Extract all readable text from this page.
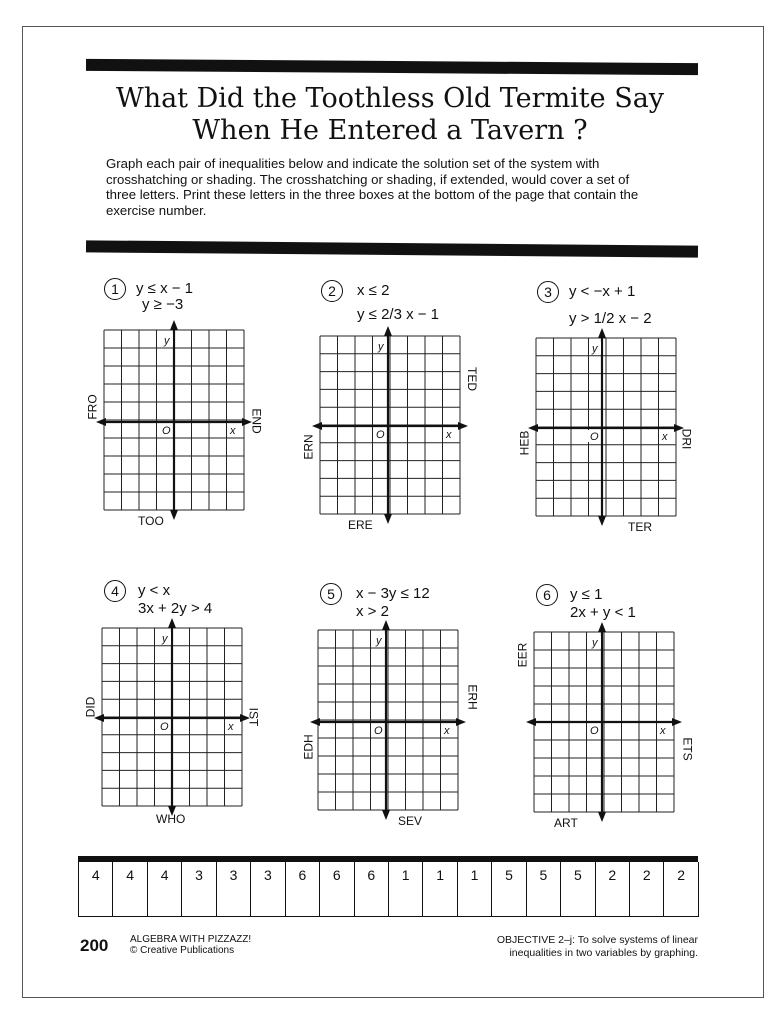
What Did the Toothless Old Termite Say
When He Entered a Tavern ?
Graph each pair of inequalities below and indicate the solution set of the system with crosshatching or shading. The crosshatching or shading, if extended, would cover a set of three letters. Print these letters in the three boxes at the bottom of the page that contain the exercise number.
1	y ≤ x − 1
y ≥ −3
y
x
O
FRO
END
TOO
2	x ≤ 2
y ≤ 2/3 x − 1
y
x
O
TED
ERN
ERE
3	y < −x + 1
y > 1/2 x − 2
y
x
O
HEB	DRI
TER
4	y < x
3x + 2y > 4
y
x
O
DID	IST
WHO
5	x − 3y ≤ 12
x > 2
y
x
O
ERH
EDH
SEV
6	y ≤ 1
2x + y < 1
y
x
O
EER
ETS
ART
4	4	4	3	3	3	6	6	6	1	1	1	5	5	5	2	2	2
200 ALGEBRA WITH PIZZAZZ!
© Creative Publications
OBJECTIVE 2–j: To solve systems of linear
inequalities in two variables by graphing.
